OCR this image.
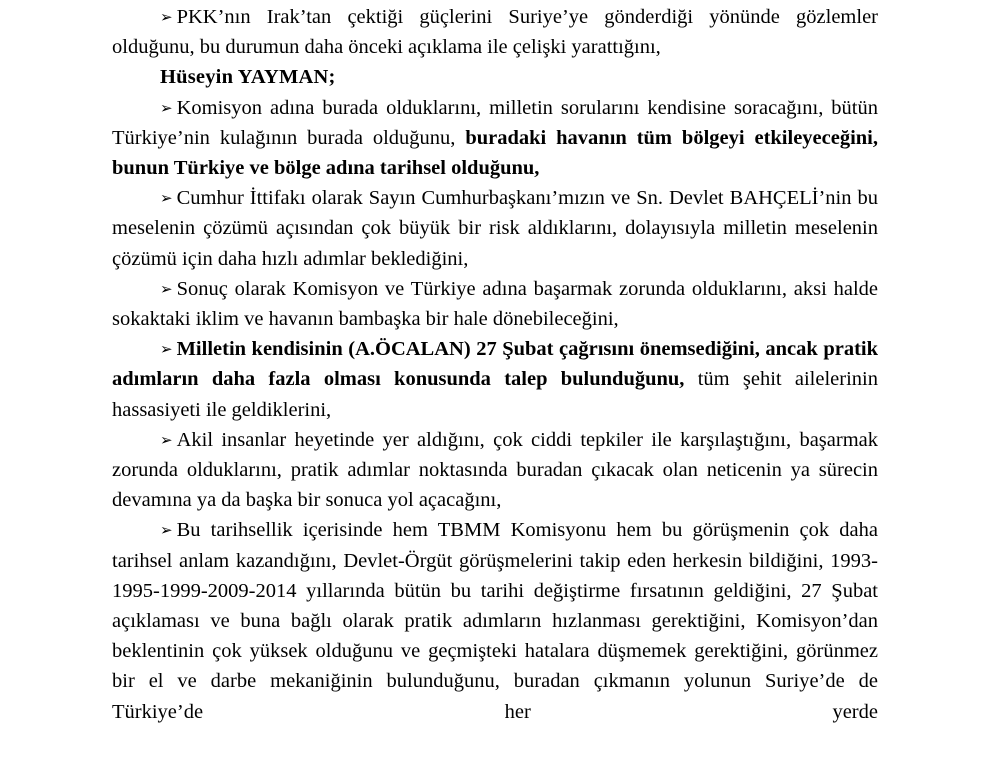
➢ PKK’nın Irak’tan çektiği güçlerini Suriye’ye gönderdiği yönünde gözlemler olduğunu, bu durumun daha önceki açıklama ile çelişki yarattığını,

Hüseyin YAYMAN;

➢ Komisyon adına burada olduklarını, milletin sorularını kendisine soracağını, bütün Türkiye’nin kulağının burada olduğunu, buradaki havanın tüm bölgeyi etkileyeceğini, bunun Türkiye ve bölge adına tarihsel olduğunu,

➢ Cumhur İttifakı olarak Sayın Cumhurbaşkanı’mızın ve Sn. Devlet BAHÇELİ’nin bu meselenin çözümü açısından çok büyük bir risk aldıklarını, dolayısıyla milletin meselenin çözümü için daha hızlı adımlar beklediğini,

➢ Sonuç olarak Komisyon ve Türkiye adına başarmak zorunda olduklarını, aksi halde sokaktaki iklim ve havanın bambaşka bir hale dönebileceğini,

➢ Milletin kendisinin (A.ÖCALAN) 27 Şubat çağrısını önemsediğini, ancak pratik adımların daha fazla olması konusunda talep bulunduğunu, tüm şehit ailelerinin hassasiyeti ile geldiklerini,

➢ Akil insanlar heyetinde yer aldığını, çok ciddi tepkiler ile karşılaştığını, başarmak zorunda olduklarını, pratik adımlar noktasında buradan çıkacak olan neticenin ya sürecin devamına ya da başka bir sonuca yol açacağını,

➢ Bu tarihsellik içerisinde hem TBMM Komisyonu hem bu görüşmenin çok daha tarihsel anlam kazandığını, Devlet-Örgüt görüşmelerini takip eden herkesin bildiğini, 1993-1995-1999-2009-2014 yıllarında bütün bu tarihi değiştirme fırsatının geldiğini, 27 Şubat açıklaması ve buna bağlı olarak pratik adımların hızlanması gerektiğini, Komisyon’dan beklentinin çok yüksek olduğunu ve geçmişteki hatalara düşmemek gerektiğini, görünmez bir el ve darbe mekaniğinin bulunduğunu, buradan çıkmanın yolunun Suriye’de de Türkiye’de her yerde
